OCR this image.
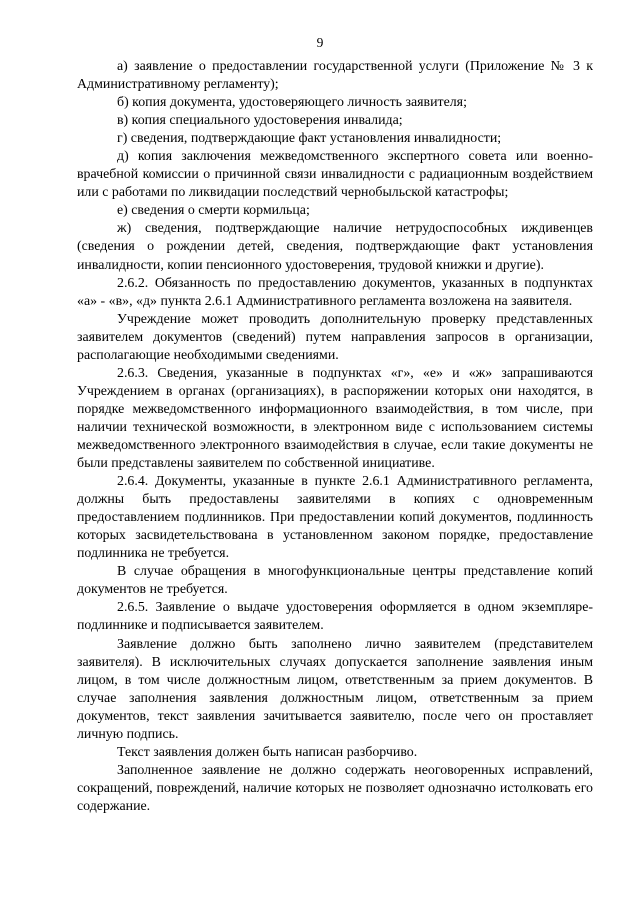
9

а) заявление о предоставлении государственной услуги (Приложение № 3 к Административному регламенту);

б) копия документа, удостоверяющего личность заявителя;

в) копия специального удостоверения инвалида;

г) сведения, подтверждающие факт установления инвалидности;

д) копия заключения межведомственного экспертного совета или военно-врачебной комиссии о причинной связи инвалидности с радиационным воздействием или с работами по ликвидации последствий чернобыльской катастрофы;

е) сведения о смерти кормильца;

ж) сведения, подтверждающие наличие нетрудоспособных иждивенцев (сведения о рождении детей, сведения, подтверждающие факт установления инвалидности, копии пенсионного удостоверения, трудовой книжки и другие).

2.6.2. Обязанность по предоставлению документов, указанных в подпунктах «а» - «в», «д» пункта 2.6.1 Административного регламента возложена на заявителя.

Учреждение может проводить дополнительную проверку представленных заявителем документов (сведений) путем направления запросов в организации, располагающие необходимыми сведениями.

2.6.3. Сведения, указанные в подпунктах «г», «е» и «ж» запрашиваются Учреждением в органах (организациях), в распоряжении которых они находятся, в порядке межведомственного информационного взаимодействия, в том числе, при наличии технической возможности, в электронном виде с использованием системы межведомственного электронного взаимодействия в случае, если такие документы не были представлены заявителем по собственной инициативе.

2.6.4. Документы, указанные в пункте 2.6.1 Административного регламента, должны быть предоставлены заявителями в копиях с одновременным предоставлением подлинников. При предоставлении копий документов, подлинность которых засвидетельствована в установленном законом порядке, предоставление подлинника не требуется.

В случае обращения в многофункциональные центры представление копий документов не требуется.

2.6.5. Заявление о выдаче удостоверения оформляется в одном экземпляре-подлиннике и подписывается заявителем.

Заявление должно быть заполнено лично заявителем (представителем заявителя). В исключительных случаях допускается заполнение заявления иным лицом, в том числе должностным лицом, ответственным за прием документов. В случае заполнения заявления должностным лицом, ответственным за прием документов, текст заявления зачитывается заявителю, после чего он проставляет личную подпись.

Текст заявления должен быть написан разборчиво.

Заполненное заявление не должно содержать неоговоренных исправлений, сокращений, повреждений, наличие которых не позволяет однозначно истолковать его содержание.
